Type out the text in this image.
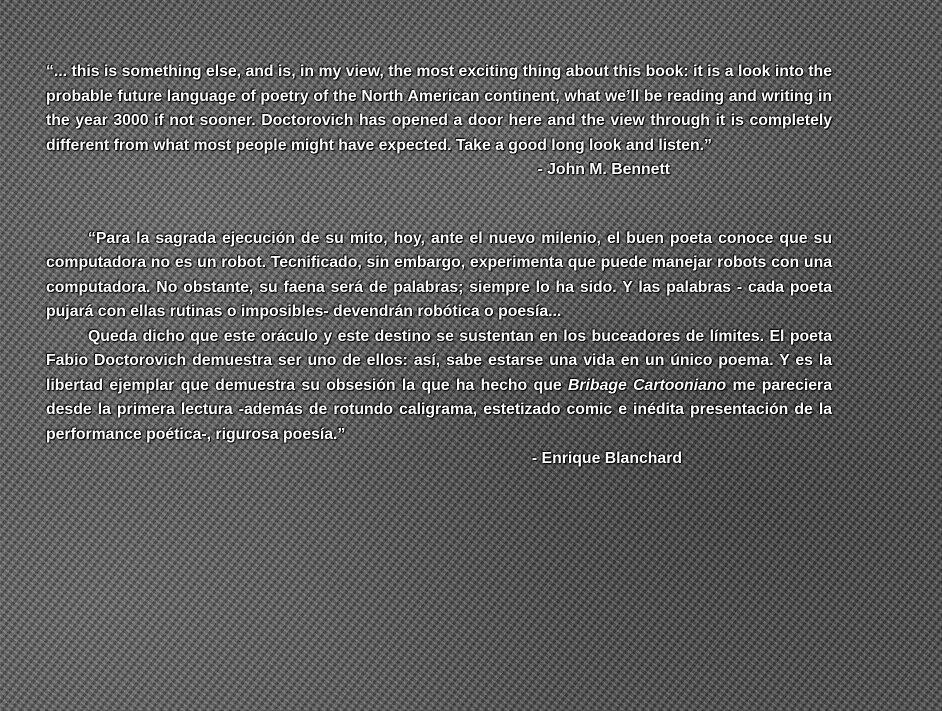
“... this is something else, and is, in my view, the most exciting thing about this book: it is a look into the probable future language of poetry of the North American continent, what we’ll be reading and writing in the year 3000 if not sooner. Doctorovich has opened a door here and the view through it is completely different from what most people might have expected. Take a good long look and listen.”

- John M. Bennett

“Para la sagrada ejecución de su mito, hoy, ante el nuevo milenio, el buen poeta conoce que su computadora no es un robot. Tecnificado, sin embargo, experimenta que puede manejar robots con una computadora. No obstante, su faena será de palabras; siempre lo ha sido. Y las palabras - cada poeta pujará con ellas rutinas o imposibles- devendrán robótica o poesía...

Queda dicho que este oráculo y este destino se sustentan en los buceadores de límites. El poeta Fabio Doctorovich demuestra ser uno de ellos: así, sabe estarse una vida en un único poema. Y es la libertad ejemplar que demuestra su obsesión la que ha hecho que Bribage Cartooniano me pareciera desde la primera lectura -además de rotundo caligrama, estetizado comic e inédita presentación de la performance poética-, rigurosa poesía.”

- Enrique Blanchard
